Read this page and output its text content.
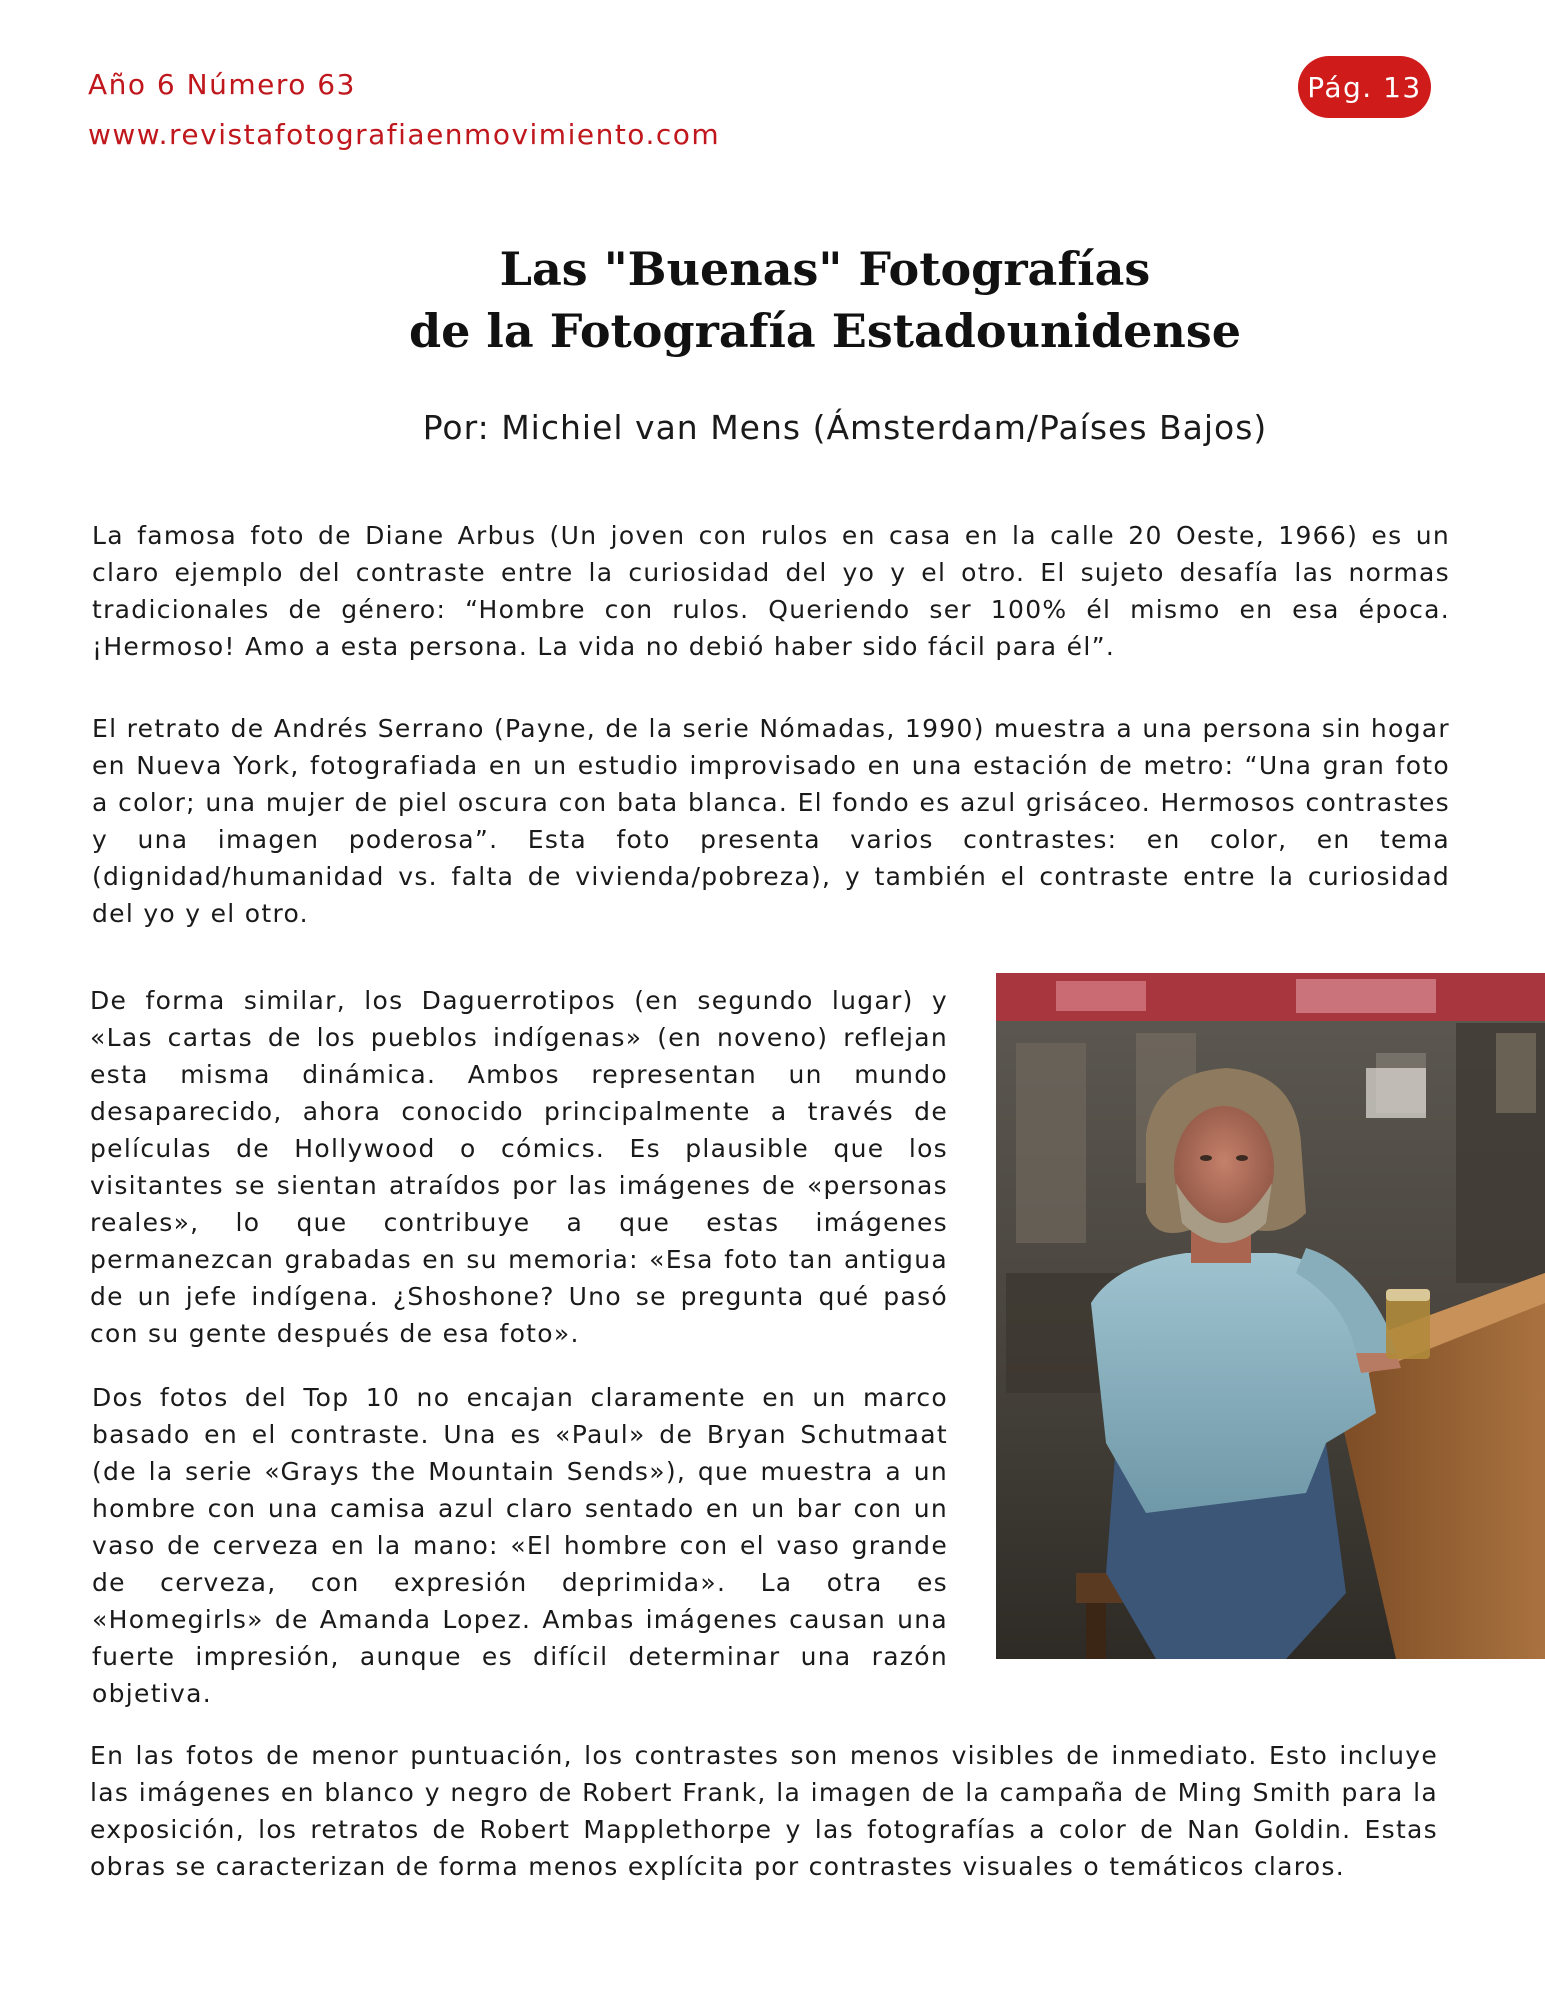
Año 6 Número 63
www.revistafotografiaenmovimiento.com
Pág. 13
Las "Buenas" Fotografías
de la Fotografía Estadounidense
Por: Michiel van Mens (Ámsterdam/Países Bajos)

La famosa foto de Diane Arbus (Un joven con rulos en casa en la calle 20 Oeste, 1966) es un claro ejemplo del contraste entre la curiosidad del yo y el otro. El sujeto desafía las normas tradicionales de género: “Hombre con rulos. Queriendo ser 100% él mismo en esa época. ¡Hermoso! Amo a esta persona. La vida no debió haber sido fácil para él”.

El retrato de Andrés Serrano (Payne, de la serie Nómadas, 1990) muestra a una persona sin hogar en Nueva York, fotografiada en un estudio improvisado en una estación de metro: “Una gran foto a color; una mujer de piel oscura con bata blanca. El fondo es azul grisáceo. Hermosos contrastes y una imagen poderosa”. Esta foto presenta varios contrastes: en color, en tema (dignidad/humanidad vs. falta de vivienda/pobreza), y también el contraste entre la curiosidad del yo y el otro.

De forma similar, los Daguerrotipos (en segundo lugar) y «Las cartas de los pueblos indígenas» (en noveno) reflejan esta misma dinámica. Ambos representan un mundo desaparecido, ahora conocido principalmente a través de películas de Hollywood o cómics. Es plausible que los visitantes se sientan atraídos por las imágenes de «personas reales», lo que contribuye a que estas imágenes permanezcan grabadas en su memoria: «Esa foto tan antigua de un jefe indígena. ¿Shoshone? Uno se pregunta qué pasó con su gente después de esa foto».

Dos fotos del Top 10 no encajan claramente en un marco basado en el contraste. Una es «Paul» de Bryan Schutmaat (de la serie «Grays the Mountain Sends»), que muestra a un hombre con una camisa azul claro sentado en un bar con un vaso de cerveza en la mano: «El hombre con el vaso grande de cerveza, con expresión deprimida». La otra es «Homegirls» de Amanda Lopez. Ambas imágenes causan una fuerte impresión, aunque es difícil determinar una razón objetiva.

En las fotos de menor puntuación, los contrastes son menos visibles de inmediato. Esto incluye las imágenes en blanco y negro de Robert Frank, la imagen de la campaña de Ming Smith para la exposición, los retratos de Robert Mapplethorpe y las fotografías a color de Nan Goldin. Estas obras se caracterizan de forma menos explícita por contrastes visuales o temáticos claros.
